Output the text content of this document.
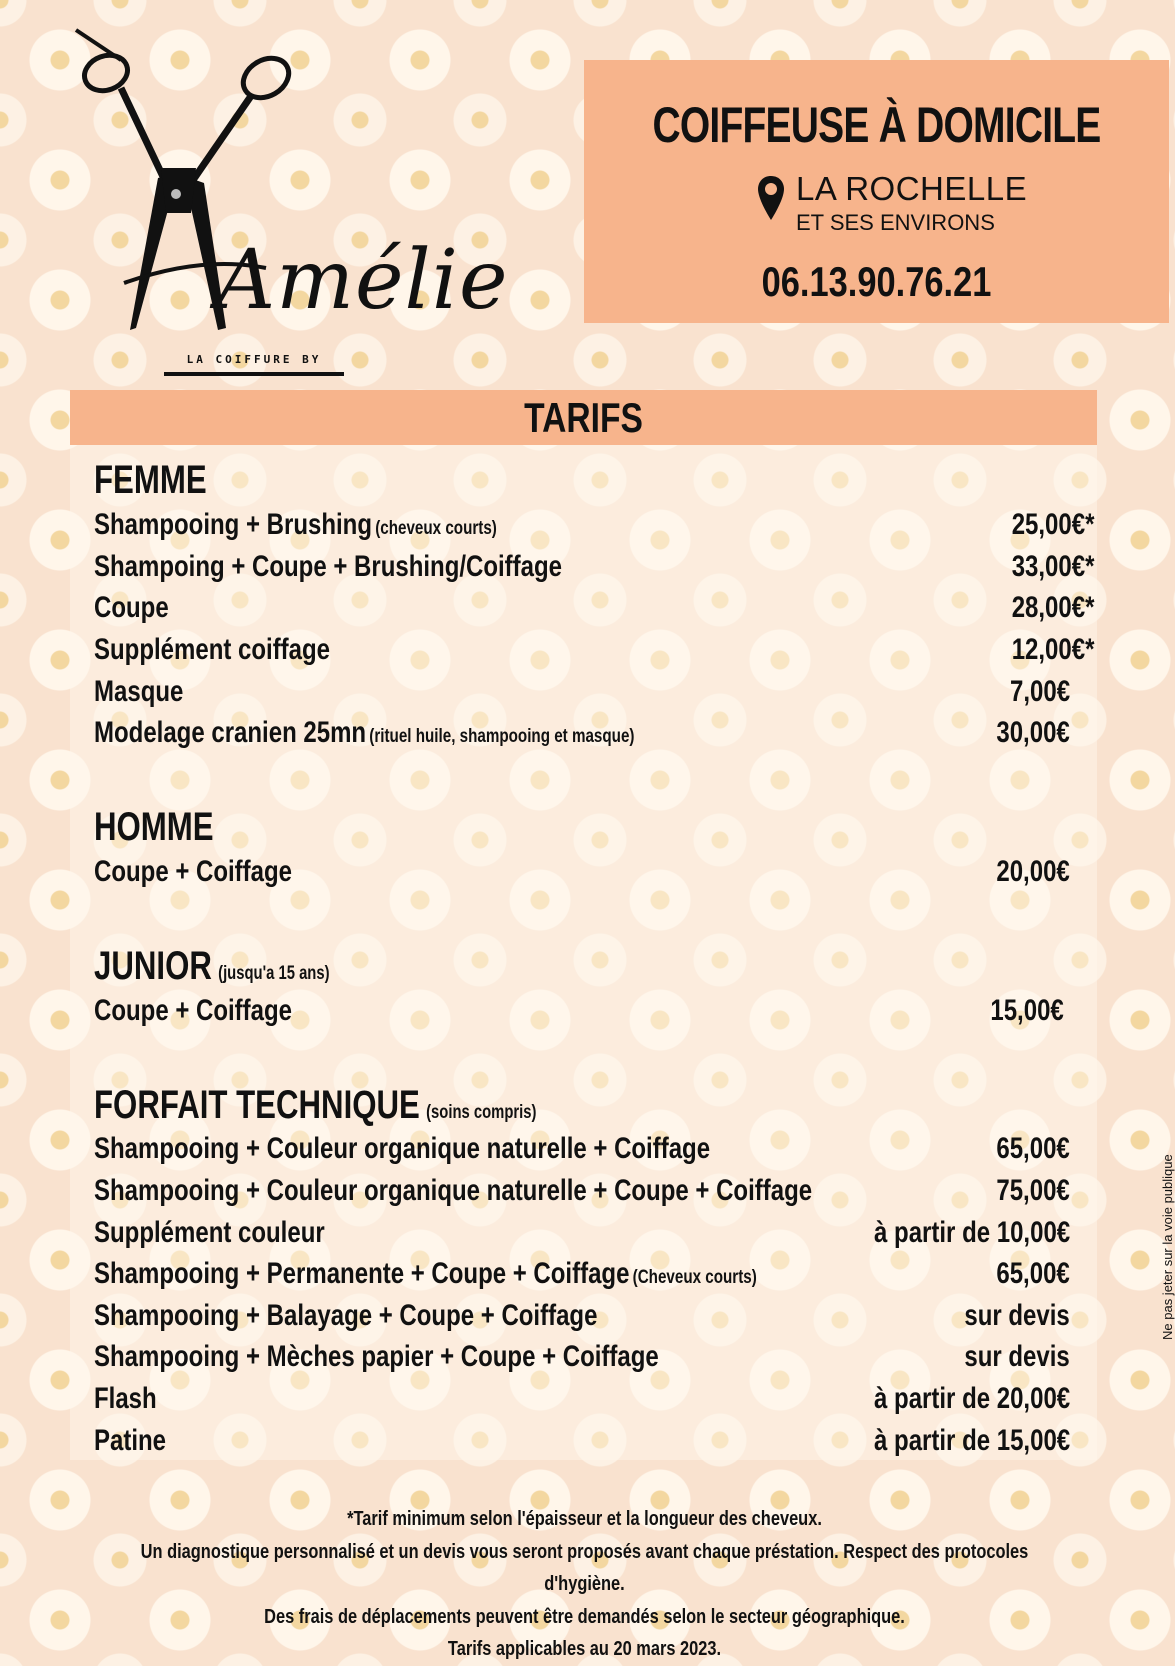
Amélie
LA COIFFURE BY
COIFFEUSE À DOMICILE
LA ROCHELLE
ET SES ENVIRONS
06.13.90.76.21
TARIFS
FEMME
Shampooing + Brushing (cheveux courts)	25,00€*
Shampoing + Coupe + Brushing/Coiffage	33,00€*
Coupe	28,00€*
Supplément coiffage	12,00€*
Masque	7,00€
Modelage cranien 25mn (rituel huile, shampooing et masque)	30,00€
HOMME
Coupe + Coiffage	20,00€
JUNIOR (jusqu'a 15 ans)
Coupe + Coiffage	15,00€
FORFAIT TECHNIQUE (soins compris)
Shampooing + Couleur organique naturelle + Coiffage	65,00€
Shampooing + Couleur organique naturelle + Coupe + Coiffage	75,00€
Supplément couleur	à partir de 10,00€
Shampooing + Permanente + Coupe + Coiffage (Cheveux courts)	65,00€
Shampooing + Balayage + Coupe + Coiffage	sur devis
Shampooing + Mèches papier + Coupe + Coiffage	sur devis
Flash	à partir de 20,00€
Patine	à partir de 15,00€
*Tarif minimum selon l'épaisseur et la longueur des cheveux.
Un diagnostique personnalisé et un devis vous seront proposés avant chaque préstation. Respect des protocoles d'hygiène.
Des frais de déplacements peuvent être demandés selon le secteur géographique.
Tarifs applicables au 20 mars 2023.
Ne pas jeter sur la voie publique
